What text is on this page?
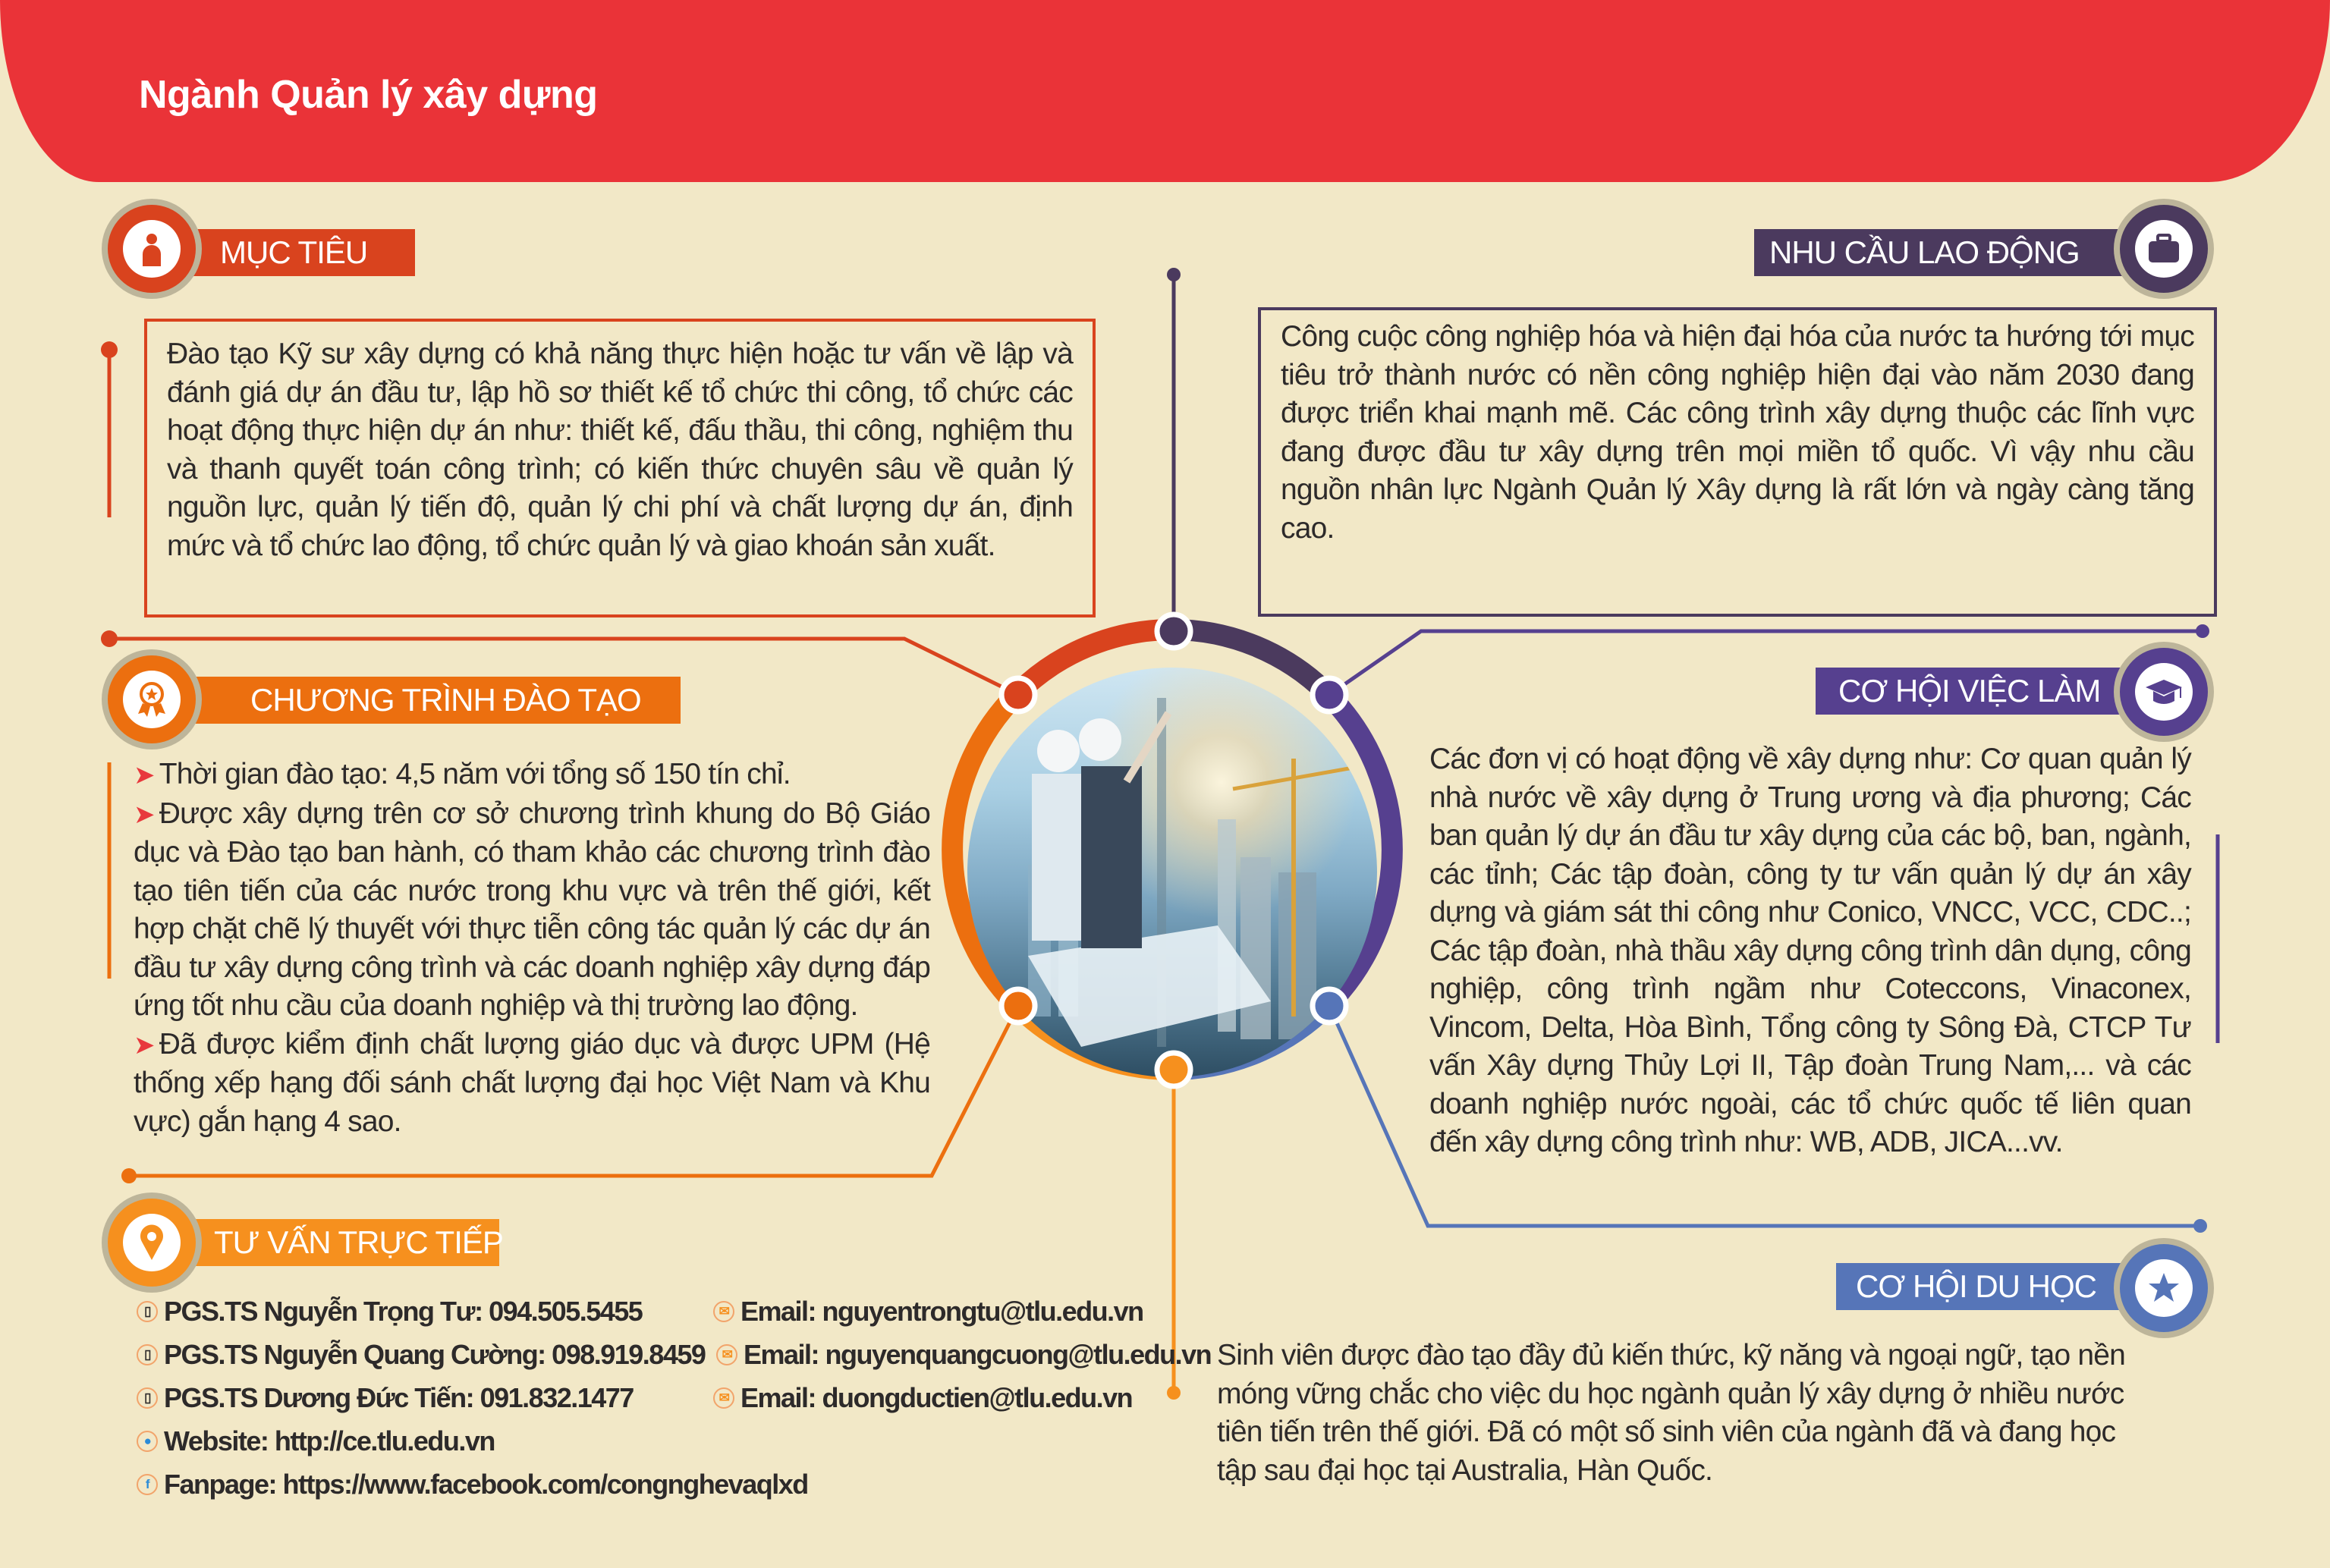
Ngành Quản lý xây dựng
MỤC TIÊU
Đào tạo Kỹ sư xây dựng có khả năng thực hiện hoặc tư vấn về lập và đánh giá dự án đầu tư, lập hồ sơ thiết kế tổ chức thi công, tổ chức các hoạt động thực hiện dự án như: thiết kế, đấu thầu, thi công, nghiệm thu và thanh quyết toán công trình; có kiến thức chuyên sâu về quản lý nguồn lực, quản lý tiến độ, quản lý chi phí và chất lượng dự án, định mức và tổ chức lao động, tổ chức quản lý và giao khoán sản xuất.
NHU CẦU LAO ĐỘNG
Công cuộc công nghiệp hóa và hiện đại hóa của nước ta hướng tới mục tiêu trở thành nước có nền công nghiệp hiện đại vào năm 2030 đang được triển khai mạnh mẽ. Các công trình xây dựng thuộc các lĩnh vực đang được đầu tư xây dựng trên mọi miền tổ quốc. Vì vậy nhu cầu nguồn nhân lực Ngành Quản lý Xây dựng là rất lớn và ngày càng tăng cao.
CHƯƠNG TRÌNH ĐÀO TẠO
➤ Thời gian đào tạo: 4,5 năm với tổng số 150 tín chỉ.
➤ Được xây dựng trên cơ sở chương trình khung do Bộ Giáo dục và Đào tạo ban hành, có tham khảo các chương trình đào tạo tiên tiến của các nước trong khu vực và trên thế giới, kết hợp chặt chẽ lý thuyết với thực tiễn công tác quản lý các dự án đầu tư xây dựng công trình và các doanh nghiệp xây dựng đáp ứng tốt nhu cầu của doanh nghiệp và thị trường lao động.
➤ Đã được kiểm định chất lượng giáo dục và được UPM (Hệ thống xếp hạng đối sánh chất lượng đại học Việt Nam và Khu vực) gắn hạng 4 sao.
CƠ HỘI VIỆC LÀM
Các đơn vị có hoạt động về xây dựng như: Cơ quan quản lý nhà nước về xây dựng ở Trung ương và địa phương; Các ban quản lý dự án đầu tư xây dựng của các bộ, ban, ngành, các tỉnh; Các tập đoàn, công ty tư vấn quản lý dự án xây dựng và giám sát thi công như Conico, VNCC, VCC, CDC..; Các tập đoàn, nhà thầu xây dựng công trình dân dụng, công nghiệp, công trình ngầm như Coteccons, Vinaconex, Vincom, Delta, Hòa Bình, Tổng công ty Sông Đà, CTCP Tư vấn Xây dựng Thủy Lợi II, Tập đoàn Trung Nam,... và các doanh nghiệp nước ngoài, các tổ chức quốc tế liên quan đến xây dựng công trình như: WB, ADB, JICA...vv.
TƯ VẤN TRỰC TIẾP
▯ PGS.TS Nguyễn Trọng Tư: 094.505.5455
▯ PGS.TS Nguyễn Quang Cường: 098.919.8459
▯ PGS.TS Dương Đức Tiến: 091.832.1477
● Website: http://ce.tlu.edu.vn
f Fanpage: https://www.facebook.com/congnghevaqlxd
✉ Email: nguyentrongtu@tlu.edu.vn
✉ Email: nguyenquangcuong@tlu.edu.vn
✉ Email: duongductien@tlu.edu.vn
CƠ HỘI DU HỌC
Sinh viên được đào tạo đầy đủ kiến thức, kỹ năng và ngoại ngữ, tạo nền móng vững chắc cho việc du học ngành quản lý xây dựng ở nhiều nước tiên tiến trên thế giới. Đã có một số sinh viên của ngành đã và đang học tập sau đại học tại Australia, Hàn Quốc.
